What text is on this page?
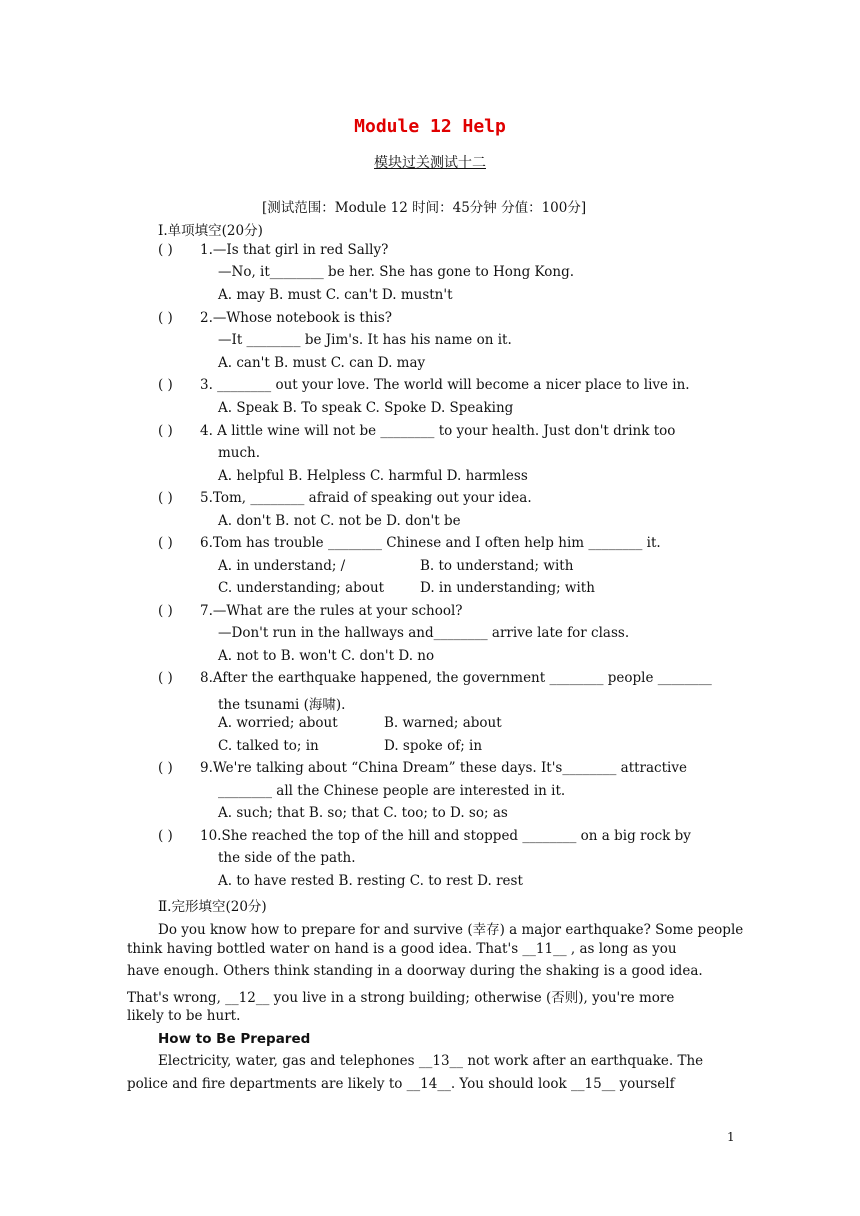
Module 12 Help
模块过关测试十二
[测试范围：Module 12 时间：45分钟 分值：100分]
Ⅰ.单项填空(20分)
( ) 1.—Is that girl in red Sally?
—No, it________ be her. She has gone to Hong Kong.
A. may B. must C. can't D. mustn't
( ) 2.—Whose notebook is this?
—It ________ be Jim's. It has his name on it.
A. can't B. must C. can D. may
( ) 3. ________ out your love. The world will become a nicer place to live in.
A. Speak B. To speak C. Spoke D. Speaking
( ) 4. A little wine will not be ________ to your health. Just don't drink too
much.
A. helpful B. Helpless C. harmful D. harmless
( ) 5.Tom, ________ afraid of speaking out your idea.
A. don't B. not C. not be D. don't be
( ) 6.Tom has trouble ________ Chinese and I often help him ________ it.
A. in understand; /	B. to understand; with
C. understanding; about	D. in understanding; with
( ) 7.—What are the rules at your school?
—Don't run in the hallways and________ arrive late for class.
A. not to B. won't C. don't D. no
( ) 8.After the earthquake happened, the government ________ people ________
the tsunami (海啸).
A. worried; about	B. warned; about
C. talked to; in	D. spoke of; in
( ) 9.We're talking about “China Dream” these days. It's________ attractive
________ all the Chinese people are interested in it.
A. such; that B. so; that C. too; to D. so; as
( ) 10.She reached the top of the hill and stopped ________ on a big rock by
the side of the path.
A. to have rested B. resting C. to rest D. rest
Ⅱ.完形填空(20分)
Do you know how to prepare for and survive (幸存) a major earthquake? Some people
think having bottled water on hand is a good idea. That's __11__ , as long as you
have enough. Others think standing in a doorway during the shaking is a good idea.
That's wrong, __12__ you live in a strong building; otherwise (否则), you're more
likely to be hurt.
How to Be Prepared
Electricity, water, gas and telephones __13__ not work after an earthquake. The
police and fire departments are likely to __14__. You should look __15__ yourself
1
